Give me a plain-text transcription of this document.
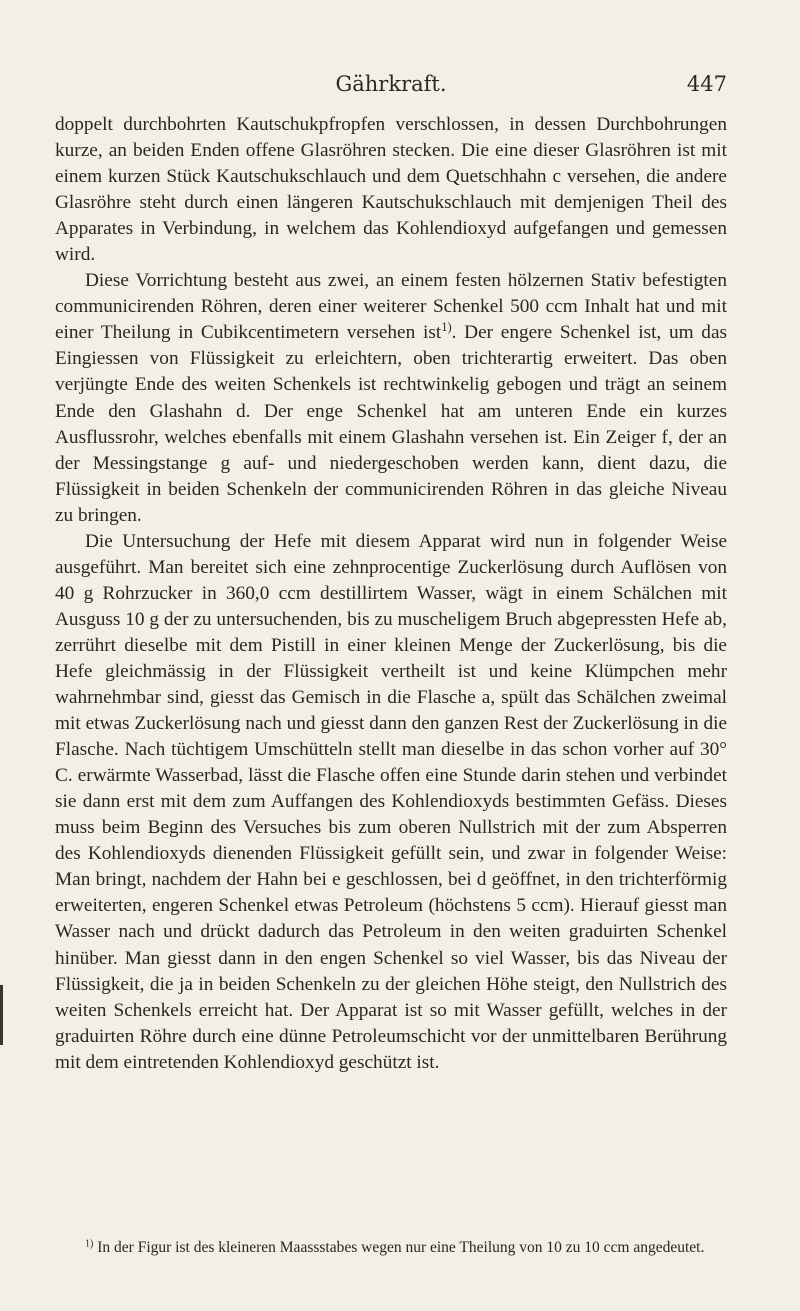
Gährkraft.	447

doppelt durchbohrten Kautschukpfropfen verschlossen, in dessen Durchbohrungen kurze, an beiden Enden offene Glasröhren stecken. Die eine dieser Glasröhren ist mit einem kurzen Stück Kautschukschlauch und dem Quetschhahn c versehen, die andere Glasröhre steht durch einen längeren Kautschukschlauch mit demjenigen Theil des Apparates in Verbindung, in welchem das Kohlendioxyd aufgefangen und gemessen wird.

Diese Vorrichtung besteht aus zwei, an einem festen hölzernen Stativ befestigten communicirenden Röhren, deren einer weiterer Schenkel 500 ccm Inhalt hat und mit einer Theilung in Cubikcentimetern versehen ist$^{1)}$. Der engere Schenkel ist, um das Eingiessen von Flüssigkeit zu erleichtern, oben trichterartig erweitert. Das oben verjüngte Ende des weiten Schenkels ist rechtwinkelig gebogen und trägt an seinem Ende den Glashahn d. Der enge Schenkel hat am unteren Ende ein kurzes Ausflussrohr, welches ebenfalls mit einem Glashahn versehen ist. Ein Zeiger f, der an der Messingstange g auf- und niedergeschoben werden kann, dient dazu, die Flüssigkeit in beiden Schenkeln der communicirenden Röhren in das gleiche Niveau zu bringen.

Die Untersuchung der Hefe mit diesem Apparat wird nun in folgender Weise ausgeführt. Man bereitet sich eine zehnprocentige Zuckerlösung durch Auflösen von 40 g Rohrzucker in 360,0 ccm destillirtem Wasser, wägt in einem Schälchen mit Ausguss 10 g der zu untersuchenden, bis zu muscheligem Bruch abgepressten Hefe ab, zerrührt dieselbe mit dem Pistill in einer kleinen Menge der Zuckerlösung, bis die Hefe gleichmässig in der Flüssigkeit vertheilt ist und keine Klümpchen mehr wahrnehmbar sind, giesst das Gemisch in die Flasche a, spült das Schälchen zweimal mit etwas Zuckerlösung nach und giesst dann den ganzen Rest der Zuckerlösung in die Flasche. Nach tüchtigem Umschütteln stellt man dieselbe in das schon vorher auf 30° C. erwärmte Wasserbad, lässt die Flasche offen eine Stunde darin stehen und verbindet sie dann erst mit dem zum Auffangen des Kohlendioxyds bestimmten Gefäss. Dieses muss beim Beginn des Versuches bis zum oberen Nullstrich mit der zum Absperren des Kohlendioxyds dienenden Flüssigkeit gefüllt sein, und zwar in folgender Weise: Man bringt, nachdem der Hahn bei e geschlossen, bei d geöffnet, in den trichterförmig erweiterten, engeren Schenkel etwas Petroleum (höchstens 5 ccm). Hierauf giesst man Wasser nach und drückt dadurch das Petroleum in den weiten graduirten Schenkel hinüber. Man giesst dann in den engen Schenkel so viel Wasser, bis das Niveau der Flüssigkeit, die ja in beiden Schenkeln zu der gleichen Höhe steigt, den Nullstrich des weiten Schenkels erreicht hat. Der Apparat ist so mit Wasser gefüllt, welches in der graduirten Röhre durch eine dünne Petroleumschicht vor der unmittelbaren Berührung mit dem eintretenden Kohlendioxyd geschützt ist.

$^{1)}$ In der Figur ist des kleineren Maassstabes wegen nur eine Theilung von 10 zu 10 ccm angedeutet.
